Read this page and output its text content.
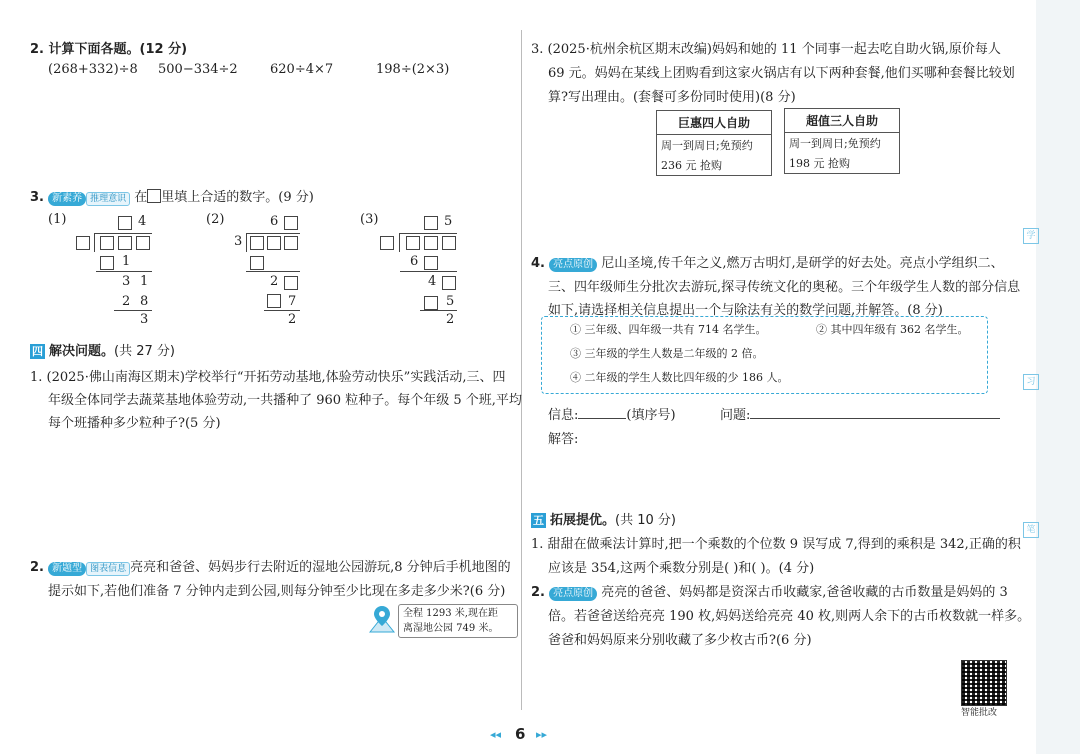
2. 计算下面各题。(12 分)
(268+332)÷8 500−334÷2 620÷4×7	198÷(2×3)
3. 新素养 推理意识 在 里填上合适的数字。(9 分)
(1)	4
1
3 1
2 8
3
(2)	6
3
2
7
2
(3)	5
6
4
5
2
四 解决问题。(共 27 分)
1. (2025·佛山南海区期末)学校举行“开拓劳动基地,体验劳动快乐”实践活动,三、四
年级全体同学去蔬菜基地体验劳动,一共播种了 960 粒种子。每个年级 5 个班,平均
每个班播种多少粒种子?(5 分)
2. 新题型 图表信息 亮亮和爸爸、妈妈步行去附近的湿地公园游玩,8 分钟后手机地图的
提示如下,若他们准备 7 分钟内走到公园,则每分钟至少比现在多走多少米?(6 分)
全程 1293 米,现在距
离湿地公园 749 米。
3. (2025·杭州余杭区期末改编)妈妈和她的 11 个同事一起去吃自助火锅,原价每人
69 元。妈妈在某线上团购看到这家火锅店有以下两种套餐,他们买哪种套餐比较划
算?写出理由。(套餐可多份同时使用)(8 分)
巨惠四人自助
周一到周日;免预约
236 元 抢购
超值三人自助
周一到周日;免预约
198 元 抢购
4. 亮点原创 尼山圣境,传千年之义,燃万古明灯,是研学的好去处。亮点小学组织二、
三、四年级师生分批次去游玩,探寻传统文化的奥秘。三个年级学生人数的部分信息
如下,请选择相关信息提出一个与除法有关的数学问题,并解答。(8 分)
① 三年级、四年级一共有 714 名学生。	② 其中四年级有 362 名学生。
③ 三年级的学生人数是二年级的 2 倍。
④ 二年级的学生人数比四年级的少 186 人。
信息:	(填序号)	问题:
解答:
五 拓展提优。(共 10 分)
1. 甜甜在做乘法计算时,把一个乘数的个位数 9 误写成 7,得到的乘积是 342,正确的积
应该是 354,这两个乘数分别是( )和( )。(4 分)
2. 亮点原创 亮亮的爸爸、妈妈都是资深古币收藏家,爸爸收藏的古币数量是妈妈的 3
倍。若爸爸送给亮亮 190 枚,妈妈送给亮亮 40 枚,则两人余下的古币枚数就一样多。
爸爸和妈妈原来分别收藏了多少枚古币?(6 分)
智能批改
学
习
笔
◂◂ 6 ▸▸
